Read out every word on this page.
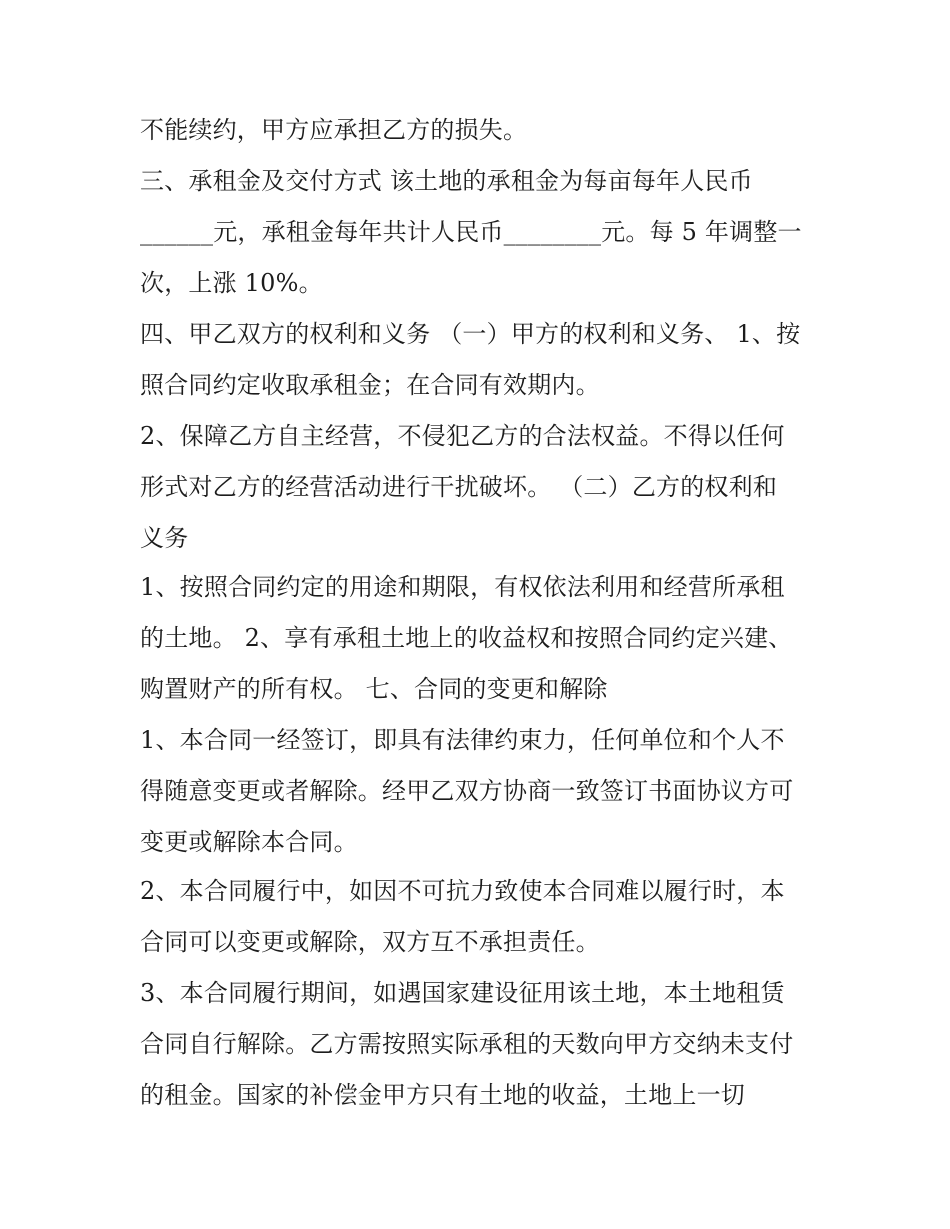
不能续约，甲方应承担乙方的损失。
三、承租金及交付方式 该土地的承租金为每亩每年人民币
______元，承租金每年共计人民币________元。每 5 年调整一
次，上涨 10%。
四、甲乙双方的权利和义务 （一）甲方的权利和义务、 1、按
照合同约定收取承租金；在合同有效期内。
2、保障乙方自主经营，不侵犯乙方的合法权益。不得以任何
形式对乙方的经营活动进行干扰破坏。 （二）乙方的权利和
义务
1、按照合同约定的用途和期限，有权依法利用和经营所承租
的土地。 2、享有承租土地上的收益权和按照合同约定兴建、
购置财产的所有权。 七、合同的变更和解除
1、本合同一经签订，即具有法律约束力，任何单位和个人不
得随意变更或者解除。经甲乙双方协商一致签订书面协议方可
变更或解除本合同。
2、本合同履行中，如因不可抗力致使本合同难以履行时，本
合同可以变更或解除，双方互不承担责任。
3、本合同履行期间，如遇国家建设征用该土地，本土地租赁
合同自行解除。乙方需按照实际承租的天数向甲方交纳未支付
的租金。国家的补偿金甲方只有土地的收益，土地上一切
